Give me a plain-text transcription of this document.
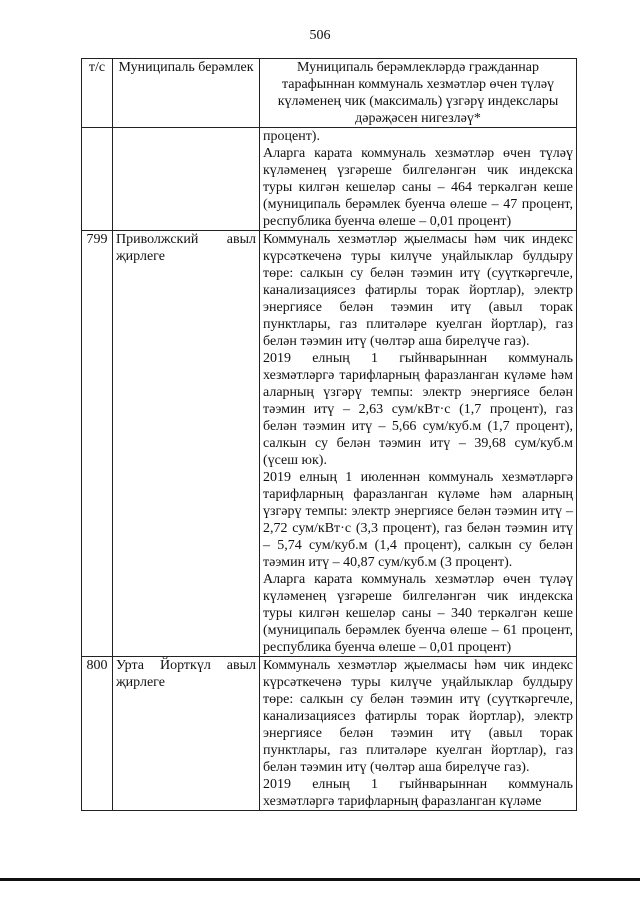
506
т/с	Муниципаль берәмлек	Муниципаль берәмлекләрдә гражданнар тарафыннан коммуналь хезмәтләр өчен түләү күләменең чик (максималь) үзгәрү индекслары дәрәҗәсен нигезләү*

		процент).

Аларга карата коммуналь хезмәтләр өчен түләү күләменең үзгәреше билгеләнгән чик индекска туры килгән кешеләр саны – 464 теркәлгән кеше (муниципаль берәмлек буенча өлеше – 47 процент, республика буенча өлеше – 0,01 процент)

799	Приволжский авыл җирлеге	Коммуналь хезмәтләр җыелмасы һәм чик индекс күрсәткеченә туры килүче уңайлыклар булдыру төре: салкын су белән тәэмин итү (суүткәргечле, канализациясез фатирлы торак йортлар), электр энергиясе белән тәэмин итү (авыл торак пунктлары, газ плитәләре куелган йортлар), газ белән тәэмин итү (чөлтәр аша бирелүче газ).

2019 елның 1 гыйнварыннан коммуналь хезмәтләргә тарифларның фаразланган күләме һәм аларның үзгәрү темпы: электр энергиясе белән тәэмин итү – 2,63 сум/кВт·с (1,7 процент), газ белән тәэмин итү – 5,66 сум/куб.м (1,7 процент), салкын су белән тәэмин итү – 39,68 сум/куб.м (үсеш юк).

2019 елның 1 июленнән коммуналь хезмәтләргә тарифларның фаразланган күләме һәм аларның үзгәрү темпы: электр энергиясе белән тәэмин итү – 2,72 сум/кВт·с (3,3 процент), газ белән тәэмин итү – 5,74 сум/куб.м (1,4 процент), салкын су белән тәэмин итү – 40,87 сум/куб.м (3 процент).

Аларга карата коммуналь хезмәтләр өчен түләү күләменең үзгәреше билгеләнгән чик индекска туры килгән кешеләр саны – 340 теркәлгән кеше (муниципаль берәмлек буенча өлеше – 61 процент, республика буенча өлеше – 0,01 процент)

800	Урта Йорткүл авыл җирлеге	Коммуналь хезмәтләр җыелмасы һәм чик индекс күрсәткеченә туры килүче уңайлыклар булдыру төре: салкын су белән тәэмин итү (суүткәргечле, канализациясез фатирлы торак йортлар), электр энергиясе белән тәэмин итү (авыл торак пунктлары, газ плитәләре куелган йортлар), газ белән тәэмин итү (чөлтәр аша бирелүче газ).

2019 елның 1 гыйнварыннан коммуналь хезмәтләргә тарифларның фаразланган күләме
